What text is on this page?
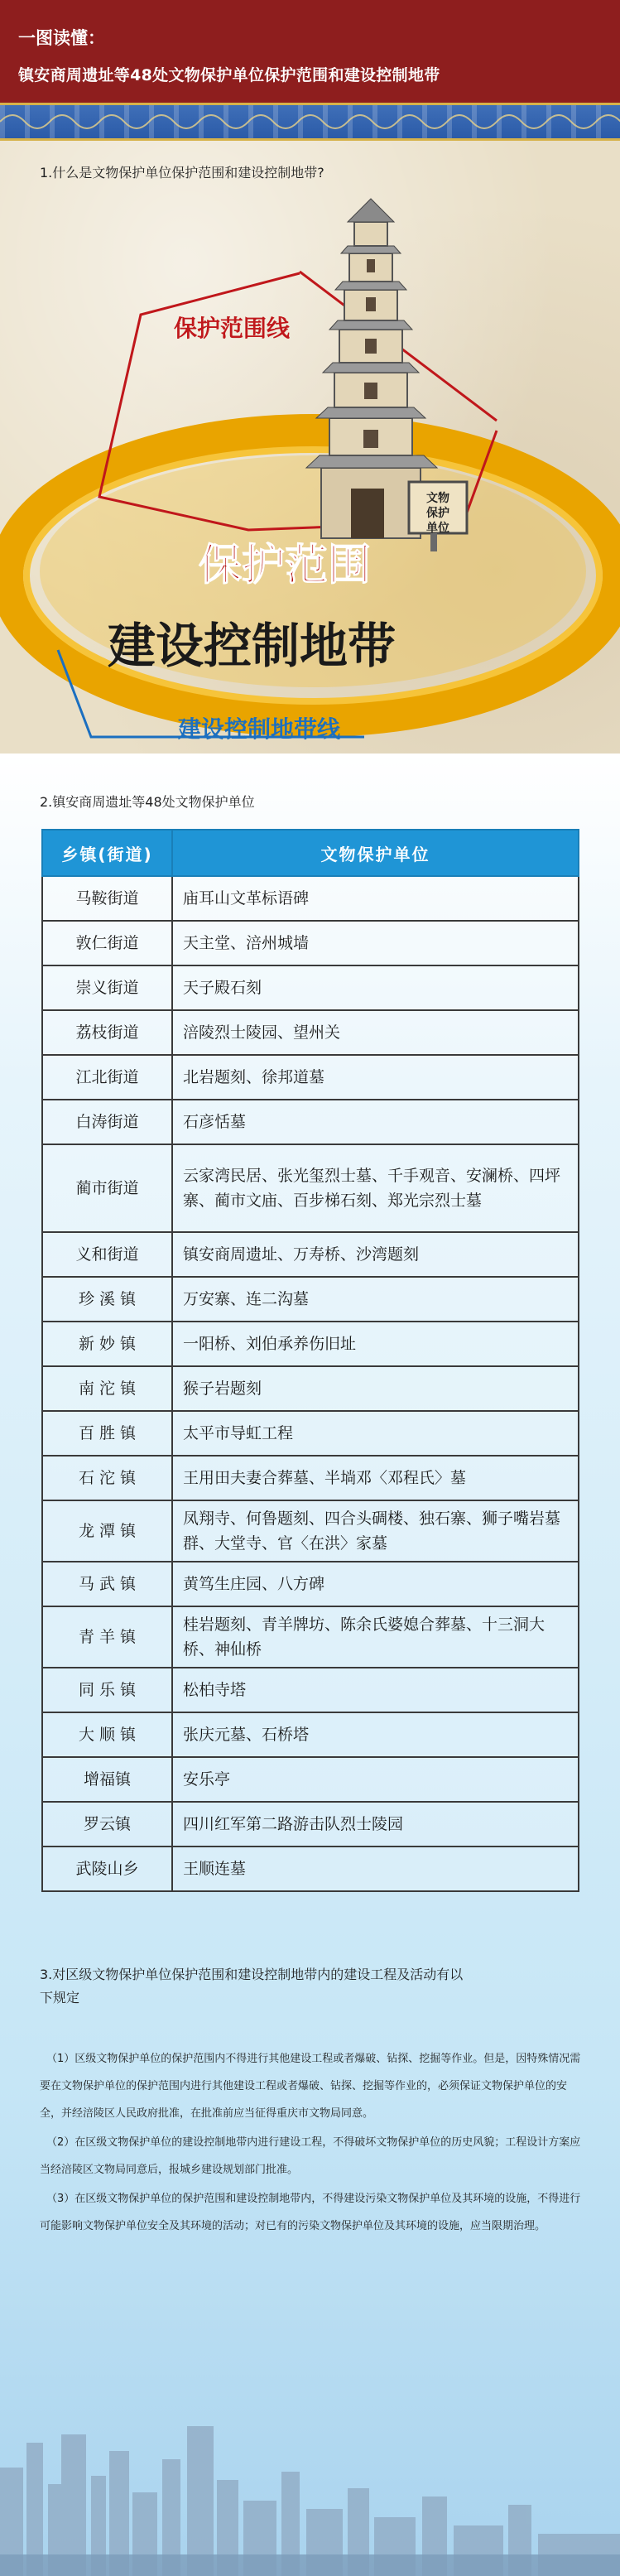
一图读懂：
镇安商周遗址等48处文物保护单位保护范围和建设控制地带
1.什么是文物保护单位保护范围和建设控制地带?
文物
保护
单位
保护范围线
建设控制地带线
保护范围
建设控制地带
2.镇安商周遗址等48处文物保护单位
乡镇(街道)	文物保护单位
马鞍街道	庙耳山文革标语碑
敦仁街道	天主堂、涪州城墙
崇义街道	天子殿石刻
荔枝街道	涪陵烈士陵园、望州关
江北街道	北岩题刻、徐邦道墓
白涛街道	石彦恬墓
蔺市街道	云家湾民居、张光玺烈士墓、千手观音、安澜桥、四坪寨、蔺市文庙、百步梯石刻、郑光宗烈士墓
义和街道	镇安商周遗址、万寿桥、沙湾题刻
珍 溪 镇	万安寨、连二沟墓
新 妙 镇	一阳桥、刘伯承养伤旧址
南 沱 镇	猴子岩题刻
百 胜 镇	太平市导虹工程
石 沱 镇	王用田夫妻合葬墓、半埫邓〈邓程氏〉墓
龙 潭 镇	凤翔寺、何鲁题刻、四合头碉楼、独石寨、狮子嘴岩墓群、大堂寺、官〈在洪〉家墓
马 武 镇	黄笃生庄园、八方碑
青 羊 镇	桂岩题刻、青羊牌坊、陈余氏婆媳合葬墓、十三洞大桥、神仙桥
同 乐 镇	松柏寺塔
大 顺 镇	张庆元墓、石桥塔
增福镇	安乐亭
罗云镇	四川红军第二路游击队烈士陵园
武陵山乡	王顺连墓
3.对区级文物保护单位保护范围和建设控制地带内的建设工程及活动有以
下规定

（1）区级文物保护单位的保护范围内不得进行其他建设工程或者爆破、钻探、挖掘等作业。但是，因特殊情况需要在文物保护单位的保护范围内进行其他建设工程或者爆破、钻探、挖掘等作业的，必须保证文物保护单位的安全，并经涪陵区人民政府批准，在批准前应当征得重庆市文物局同意。

（2）在区级文物保护单位的建设控制地带内进行建设工程，不得破坏文物保护单位的历史风貌；工程设计方案应当经涪陵区文物局同意后，报城乡建设规划部门批准。

（3）在区级文物保护单位的保护范围和建设控制地带内，不得建设污染文物保护单位及其环境的设施，不得进行可能影响文物保护单位安全及其环境的活动；对已有的污染文物保护单位及其环境的设施，应当限期治理。
